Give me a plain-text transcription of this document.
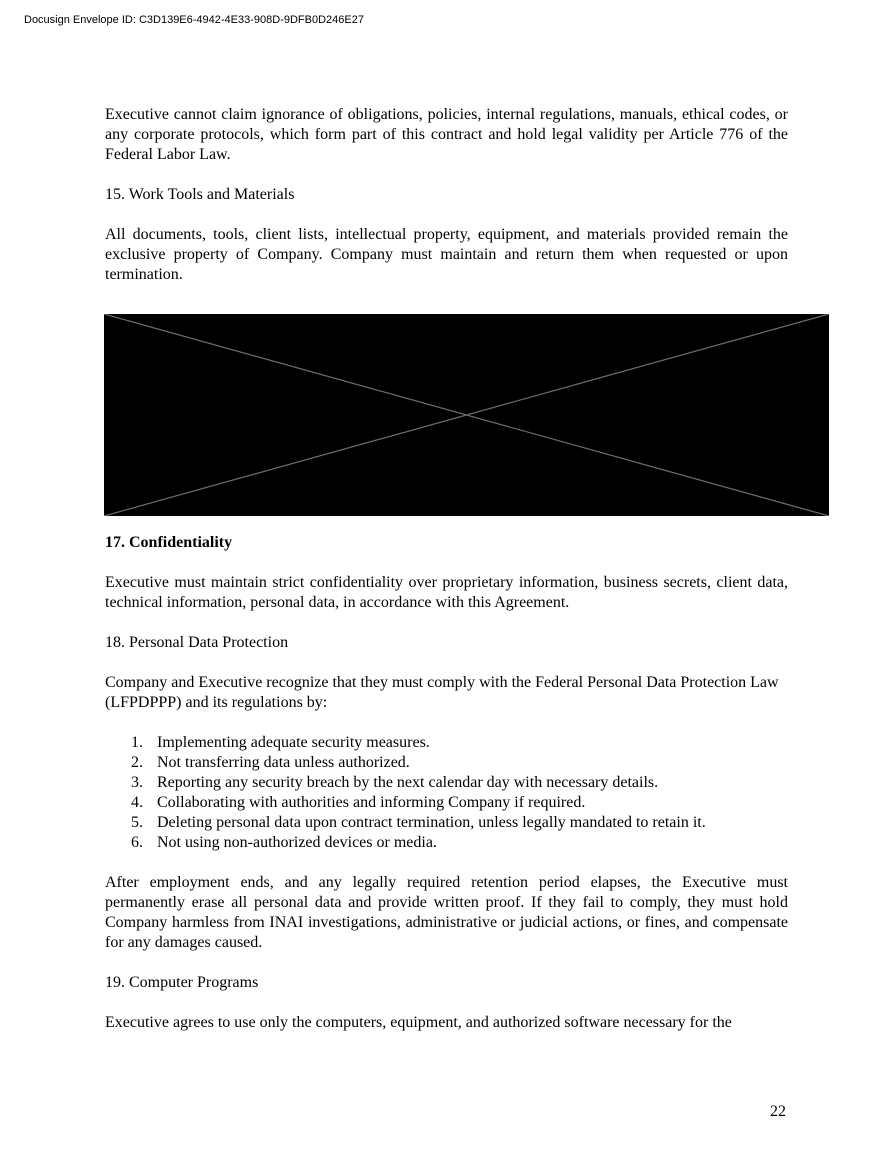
Docusign Envelope ID: C3D139E6-4942-4E33-908D-9DFB0D246E27

Executive cannot claim ignorance of obligations, policies, internal regulations, manuals, ethical codes, or any corporate protocols, which form part of this contract and hold legal validity per Article 776 of the Federal Labor Law.

15. Work Tools and Materials

All documents, tools, client lists, intellectual property, equipment, and materials provided remain the exclusive property of Company. Company must maintain and return them when requested or upon termination.

17. Confidentiality

Executive must maintain strict confidentiality over proprietary information, business secrets, client data, technical information, personal data, in accordance with this Agreement.

18. Personal Data Protection

Company and Executive recognize that they must comply with the Federal Personal Data Protection Law (LFPDPPP) and its regulations by:

1. Implementing adequate security measures.
2. Not transferring data unless authorized.
3. Reporting any security breach by the next calendar day with necessary details.
4. Collaborating with authorities and informing Company if required.
5. Deleting personal data upon contract termination, unless legally mandated to retain it.
6. Not using non-authorized devices or media.

After employment ends, and any legally required retention period elapses, the Executive must permanently erase all personal data and provide written proof. If they fail to comply, they must hold Company harmless from INAI investigations, administrative or judicial actions, or fines, and compensate for any damages caused.

19. Computer Programs

Executive agrees to use only the computers, equipment, and authorized software necessary for the

22
